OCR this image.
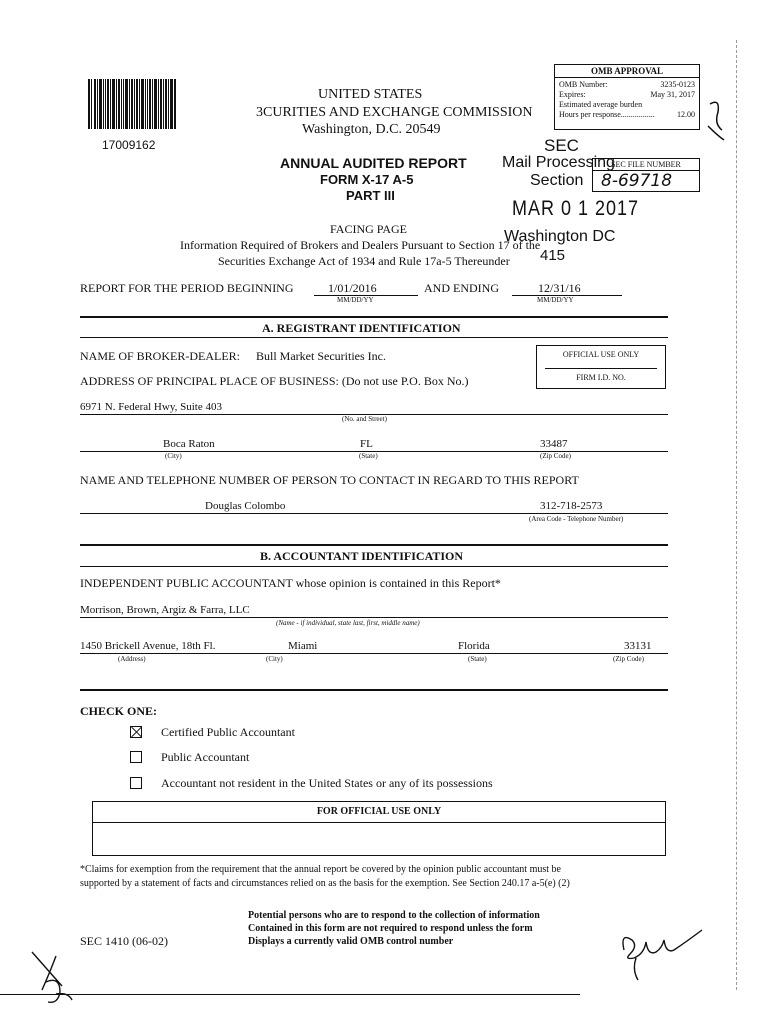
17009162
UNITED STATES
3CURITIES AND EXCHANGE COMMISSION
Washington, D.C. 20549
ANNUAL AUDITED REPORT
FORM X-17 A-5
PART III
OMB APPROVAL
OMB Number:	3235-0123
Expires:	May 31, 2017
Estimated average burden
Hours per response.................	12.00
SEC
Mail Processing
Section
MAR 0 1 2017
Washington DC
415
SEC FILE NUMBER
8-69718
FACING PAGE
Information Required of Brokers and Dealers Pursuant to Section 17 of the
Securities Exchange Act of 1934 and Rule 17a-5 Thereunder
REPORT FOR THE PERIOD BEGINNING	1/01/2016
MM/DD/YY
AND ENDING	12/31/16
MM/DD/YY
A. REGISTRANT IDENTIFICATION
NAME OF BROKER-DEALER: Bull Market Securities Inc.	OFFICIAL USE ONLY
FIRM I.D. NO.
ADDRESS OF PRINCIPAL PLACE OF BUSINESS: (Do not use P.O. Box No.)
6971 N. Federal Hwy, Suite 403
(No. and Street)
Boca Raton	FL	33487
(City)	(State)	(Zip Code)
NAME AND TELEPHONE NUMBER OF PERSON TO CONTACT IN REGARD TO THIS REPORT
Douglas Colombo	312-718-2573
(Area Code - Telephone Number)
B. ACCOUNTANT IDENTIFICATION
INDEPENDENT PUBLIC ACCOUNTANT whose opinion is contained in this Report*
Morrison, Brown, Argiz & Farra, LLC
(Name - if individual, state last, first, middle name)
1450 Brickell Avenue, 18th Fl.	Miami	Florida	33131
(Address)	(City)	(State)	(Zip Code)
CHECK ONE:
Certified Public Accountant
Public Accountant
Accountant not resident in the United States or any of its possessions
FOR OFFICIAL USE ONLY
*Claims for exemption from the requirement that the annual report be covered by the opinion public accountant must be
supported by a statement of facts and circumstances relied on as the basis for the exemption. See Section 240.17 a-5(e) (2)
Potential persons who are to respond to the collection of information
Contained in this form are not required to respond unless the form
Displays a currently valid OMB control number
SEC 1410 (06-02)
